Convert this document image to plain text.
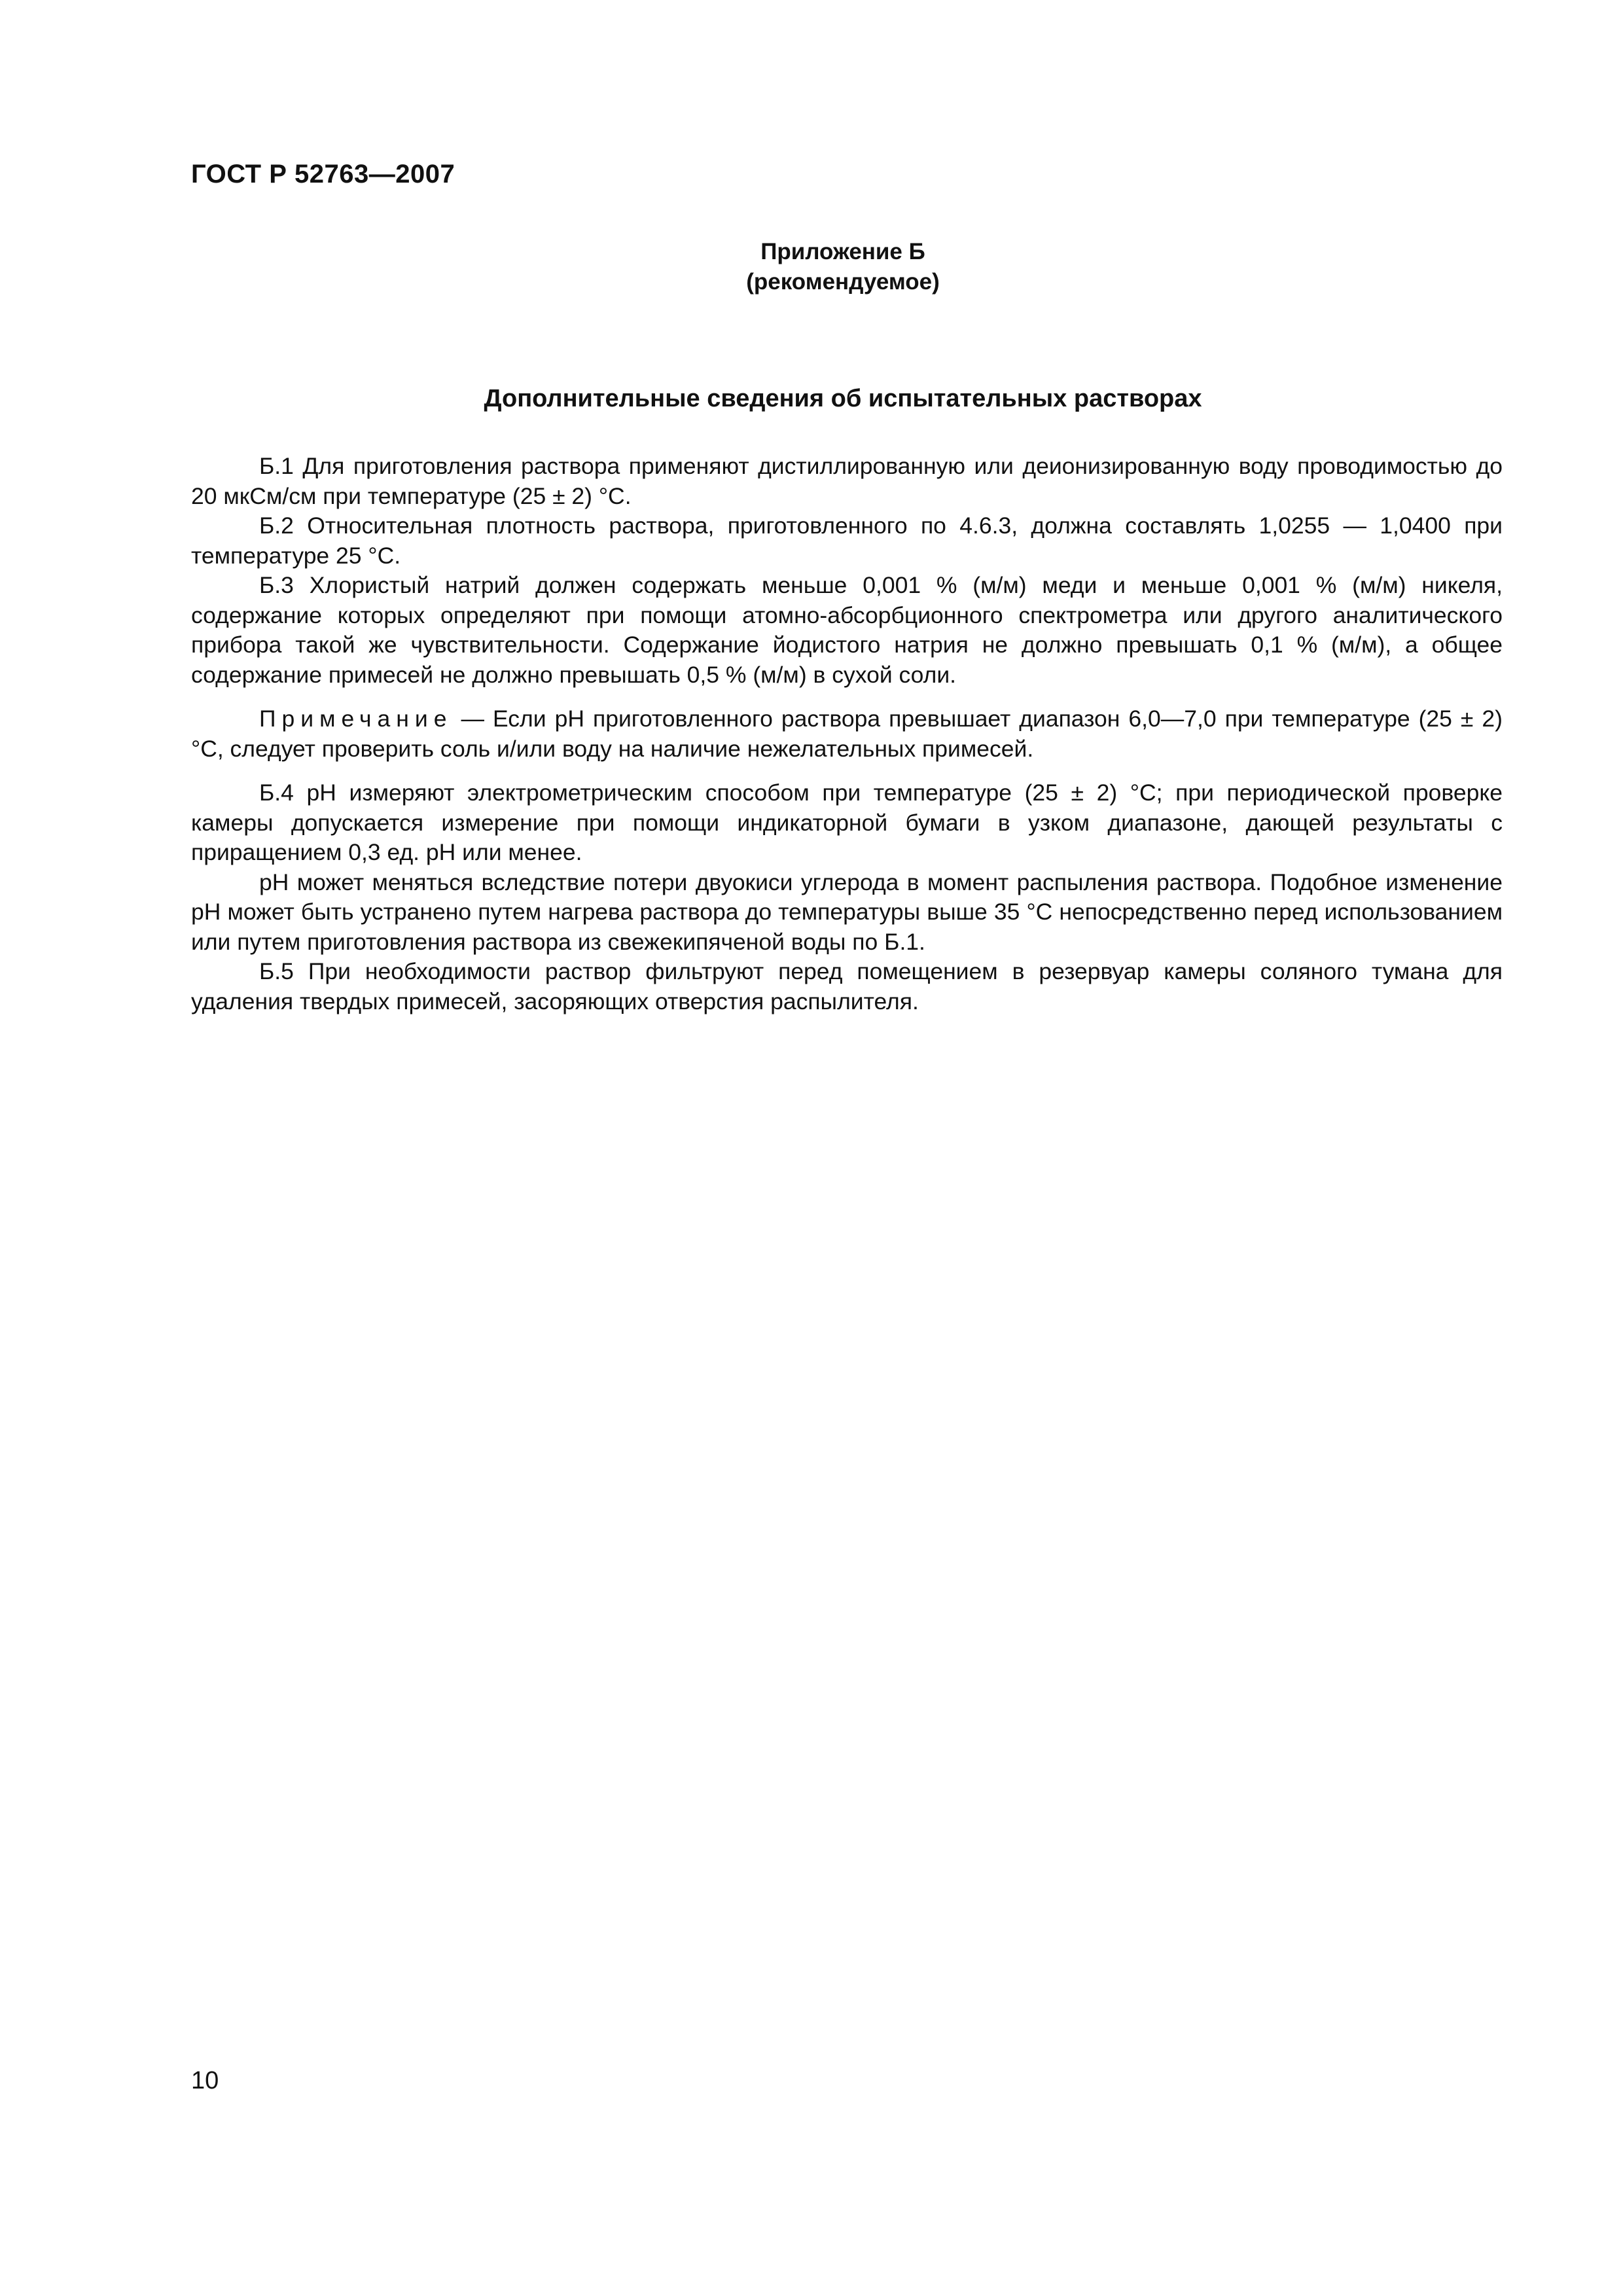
ГОСТ Р 52763—2007
Приложение Б
(рекомендуемое)
Дополнительные сведения об испытательных растворах

Б.1 Для приготовления раствора применяют дистиллированную или деионизированную воду проводимостью до 20 мкСм/см при температуре (25 ± 2) °С.

Б.2 Относительная плотность раствора, приготовленного по 4.6.3, должна составлять 1,0255 — 1,0400 при температуре 25 °С.

Б.3 Хлористый натрий должен содержать меньше 0,001 % (м/м) меди и меньше 0,001 % (м/м) никеля, содержание которых определяют при помощи атомно-абсорбционного спектрометра или другого аналитического прибора такой же чувствительности. Содержание йодистого натрия не должно превышать 0,1 % (м/м), а общее содержание примесей не должно превышать 0,5 % (м/м) в сухой соли.

Примечание — Если рН приготовленного раствора превышает диапазон 6,0—7,0 при температуре (25 ± 2) °С, следует проверить соль и/или воду на наличие нежелательных примесей.

Б.4 рН измеряют электрометрическим способом при температуре (25 ± 2) °С; при периодической проверке камеры допускается измерение при помощи индикаторной бумаги в узком диапазоне, дающей результаты с приращением 0,3 ед. рН или менее.

рН может меняться вследствие потери двуокиси углерода в момент распыления раствора. Подобное изменение рН может быть устранено путем нагрева раствора до температуры выше 35 °С непосредственно перед использованием или путем приготовления раствора из свежекипяченой воды по Б.1.

Б.5 При необходимости раствор фильтруют перед помещением в резервуар камеры соляного тумана для удаления твердых примесей, засоряющих отверстия распылителя.

10
